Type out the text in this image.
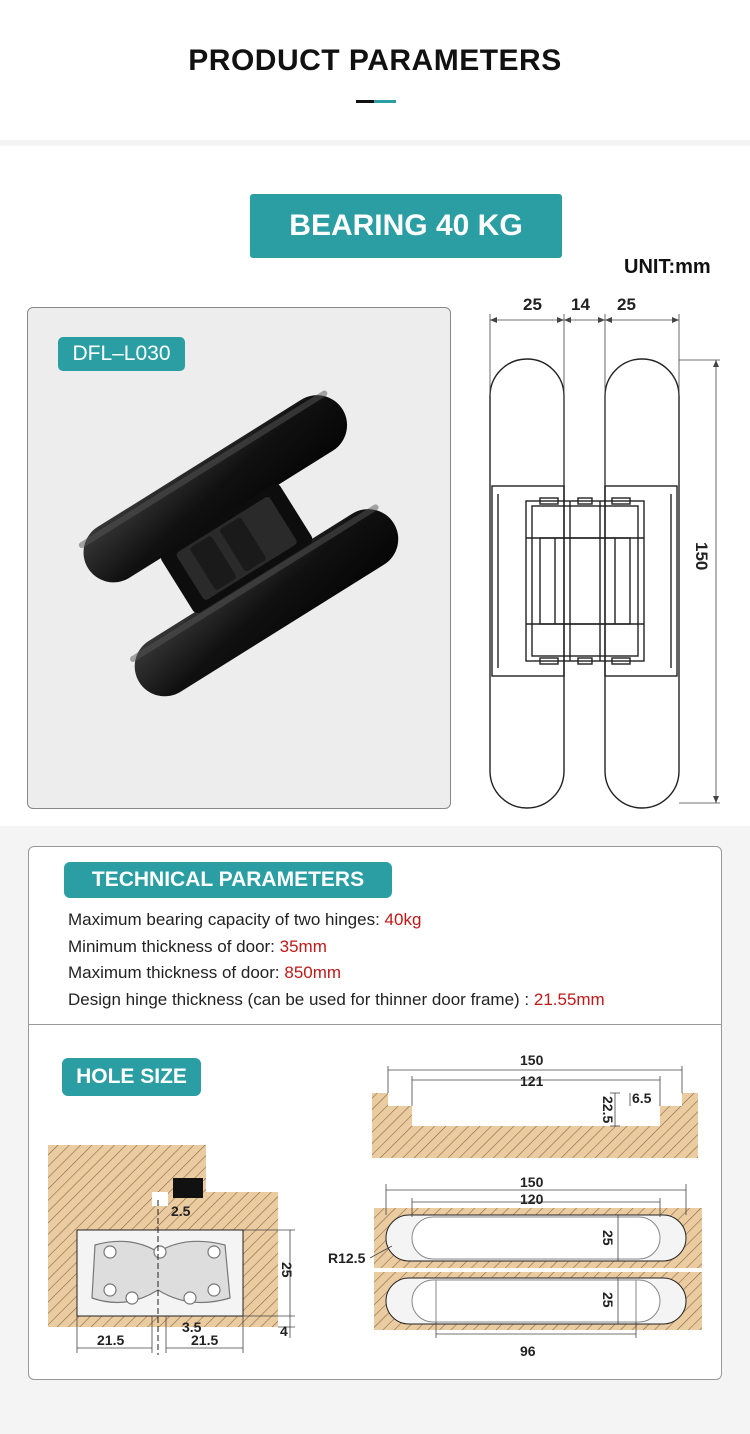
PRODUCT PARAMETERS
BEARING 40 KG
UNIT:mm
DFL–L030
25 14 25
150
TECHNICAL PARAMETERS
Maximum bearing capacity of two hinges: 40kg
Minimum thickness of door: 35mm
Maximum thickness of door: 850mm
Design hinge thickness (can be used for thinner door frame) : 21.55mm
HOLE SIZE
2.5
25
4
21.5
3.5
21.5
150
121
22.5 6.5
150
120
25
R12.5
25
96
